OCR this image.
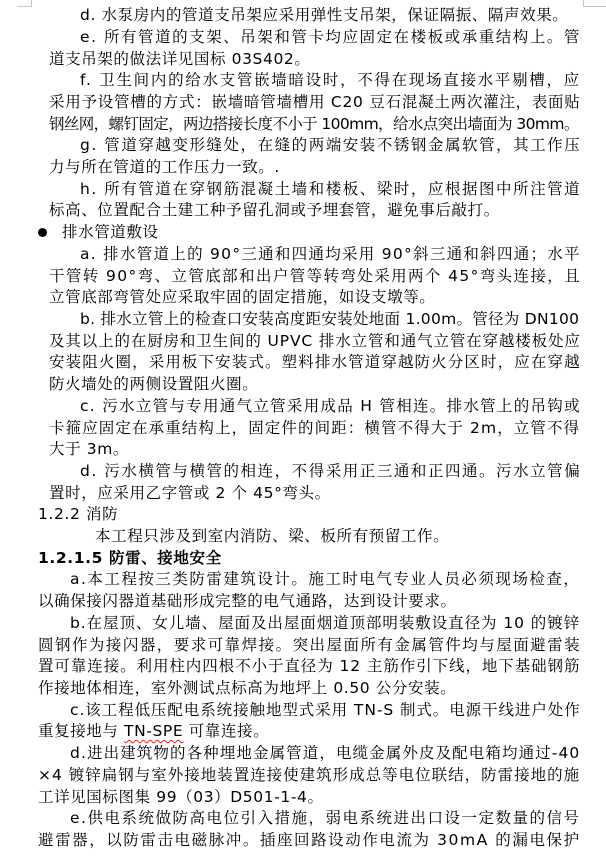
d. 水泵房内的管道支吊架应采用弹性支吊架，保证隔振、隔声效果。
e. 所有管道的支架、吊架和管卡均应固定在楼板或承重结构上。管
道支吊架的做法详见国标 03S402。
f. 卫生间内的给水支管嵌墙暗设时，不得在现场直接水平剔槽，应
采用予设管槽的方式：嵌墙暗管墙槽用 C20 豆石混凝土两次灌注，表面贴
钢丝网，螺钉固定，两边搭接长度不小于 100mm，给水点突出墙面为 30mm。
g. 管道穿越变形缝处，在缝的两端安装不锈钢金属软管，其工作压
力与所在管道的工作压力一致。.
h. 所有管道在穿钢筋混凝土墙和楼板、梁时，应根据图中所注管道
标高、位置配合土建工种予留孔洞或予埋套管，避免事后敲打。
排水管道敷设
a. 排水管道上的 90°三通和四通均采用 90°斜三通和斜四通；水平
干管转 90°弯、立管底部和出户管等转弯处采用两个 45°弯头连接，且
立管底部弯管处应采取牢固的固定措施，如设支墩等。
b. 排水立管上的检查口安装高度距安装处地面 1.00m。管径为 DN100
及其以上的在厨房和卫生间的 UPVC 排水立管和通气立管在穿越楼板处应
安装阻火圈，采用板下安装式。塑料排水管道穿越防火分区时，应在穿越
防火墙处的两侧设置阻火圈。
c. 污水立管与专用通气立管采用成品 H 管相连。排水管上的吊钩或
卡箍应固定在承重结构上，固定件的间距：横管不得大于 2m，立管不得
大于 3m。
d. 污水横管与横管的相连，不得采用正三通和正四通。污水立管偏
置时，应采用乙字管或 2 个 45°弯头。
1.2.2 消防
本工程只涉及到室内消防、梁、板所有预留工作。
1.2.1.5 防雷、接地安全
a.本工程按三类防雷建筑设计。施工时电气专业人员必须现场检查，
以确保接闪器道基础形成完整的电气通路，达到设计要求。
b.在屋顶、女儿墙、屋面及出屋面烟道顶部明装敷设直径为 10 的镀锌
圆钢作为接闪器，要求可靠焊接。突出屋面所有金属管件均与屋面避雷装
置可靠连接。利用柱内四根不小于直径为 12 主筋作引下线，地下基础钢筋
作接地体相连，室外测试点标高为地坪上 0.50 公分安装。
c.该工程低压配电系统接触地型式采用 TN-S 制式。电源干线进户处作
重复接地与 TN-SPE 可靠连接。
d.进出建筑物的各种埋地金属管道，电缆金属外皮及配电箱均通过-40
×4 镀锌扁钢与室外接地装置连接使建筑形成总等电位联结，防雷接地的施
工详见国标图集 99（03）D501-1-4。
e.供电系统做防高电位引入措施，弱电系统进出口设一定数量的信号
避雷器，以防雷击电磁脉冲。插座回路设动作电流为 30mA 的漏电保护
